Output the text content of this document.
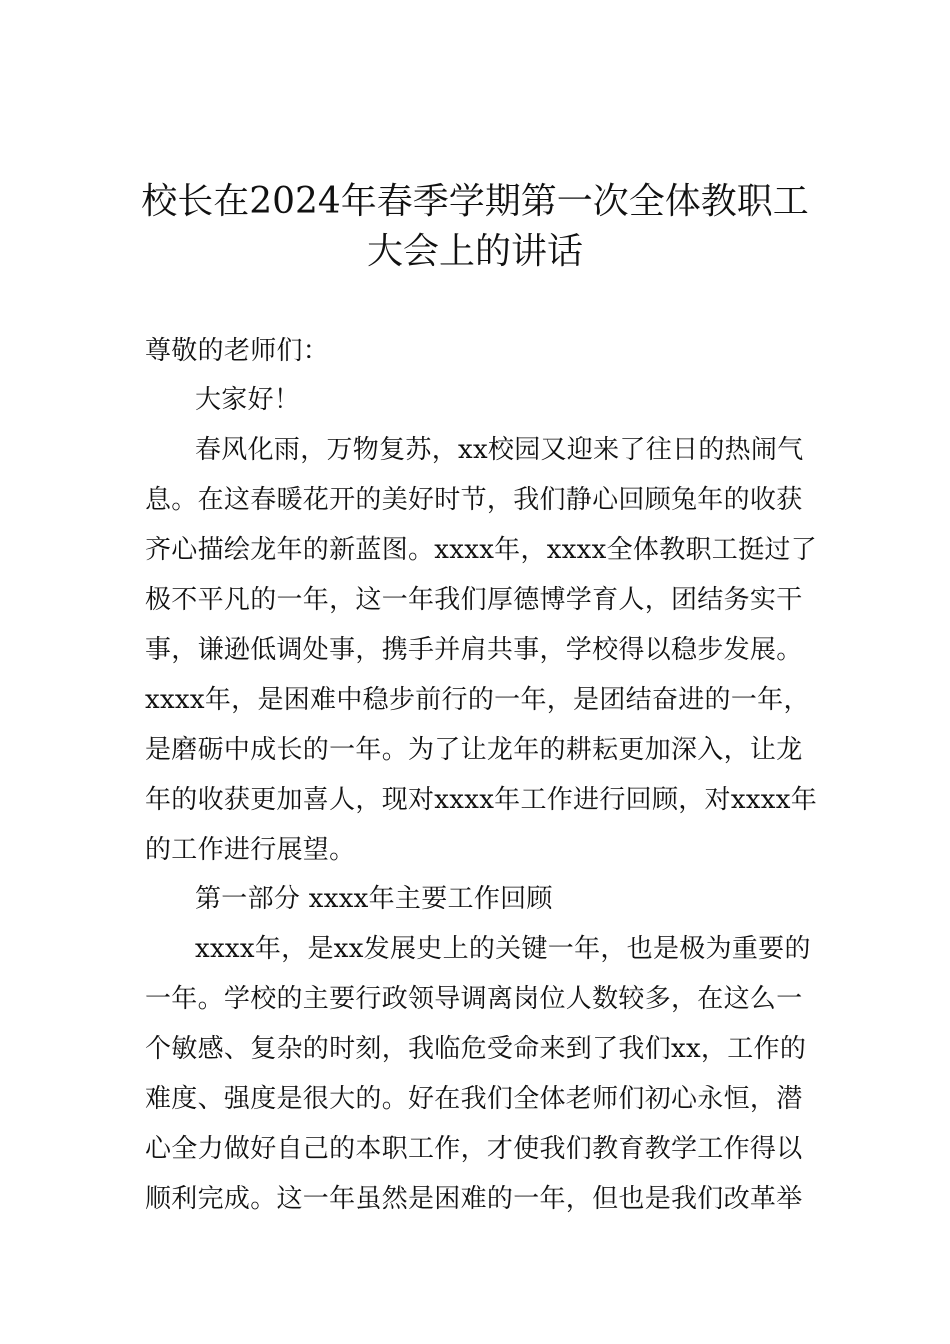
校长在2024年春季学期第一次全体教职工
大会上的讲话
尊敬的老师们：
大家好！
春风化雨，万物复苏，xx校园又迎来了往日的热闹气
息。在这春暖花开的美好时节，我们静心回顾兔年的收获
齐心描绘龙年的新蓝图。xxxx年，xxxx全体教职工挺过了
极不平凡的一年，这一年我们厚德博学育人，团结务实干
事，谦逊低调处事，携手并肩共事，学校得以稳步发展。
xxxx年，是困难中稳步前行的一年，是团结奋进的一年，
是磨砺中成长的一年。为了让龙年的耕耘更加深入，让龙
年的收获更加喜人，现对xxxx年工作进行回顾，对xxxx年
的工作进行展望。
第一部分 xxxx年主要工作回顾
xxxx年，是xx发展史上的关键一年，也是极为重要的
一年。学校的主要行政领导调离岗位人数较多，在这么一
个敏感、复杂的时刻，我临危受命来到了我们xx，工作的
难度、强度是很大的。好在我们全体老师们初心永恒，潜
心全力做好自己的本职工作，才使我们教育教学工作得以
顺利完成。这一年虽然是困难的一年，但也是我们改革举
